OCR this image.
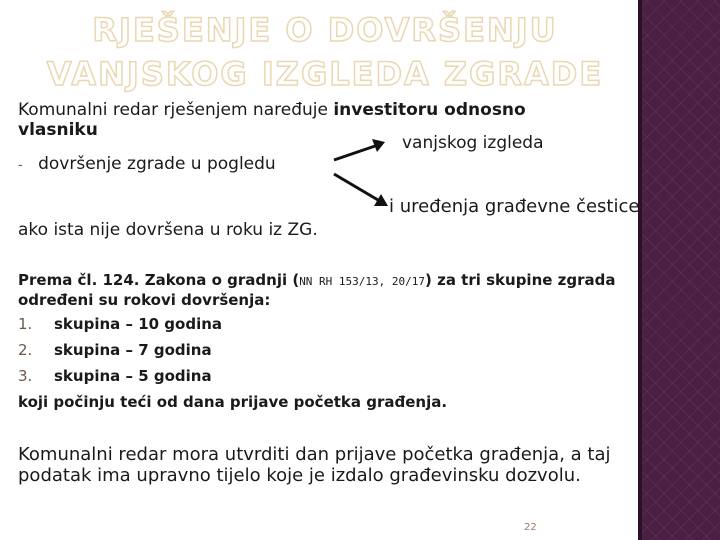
RJEŠENJE O DOVRŠENJU
VANJSKOG IZGLEDA ZGRADE
Komunalni redar rješenjem naređuje investitoru odnosno
vlasniku
- dovršenje zgrade u pogledu
ako ista nije dovršena u roku iz ZG.
vanjskog izgleda
i uređenja građevne čestice
Prema čl. 124. Zakona o gradnji (NN RH 153/13, 20/17) za tri skupine zgrada
određeni su rokovi dovršenja:
1. skupina – 10 godina
2. skupina – 7 godina
3. skupina – 5 godina
koji počinju teći od dana prijave početka građenja.
Komunalni redar mora utvrditi dan prijave početka građenja, a taj podatak ima upravno tijelo koje je izdalo građevinsku dozvolu.
22
